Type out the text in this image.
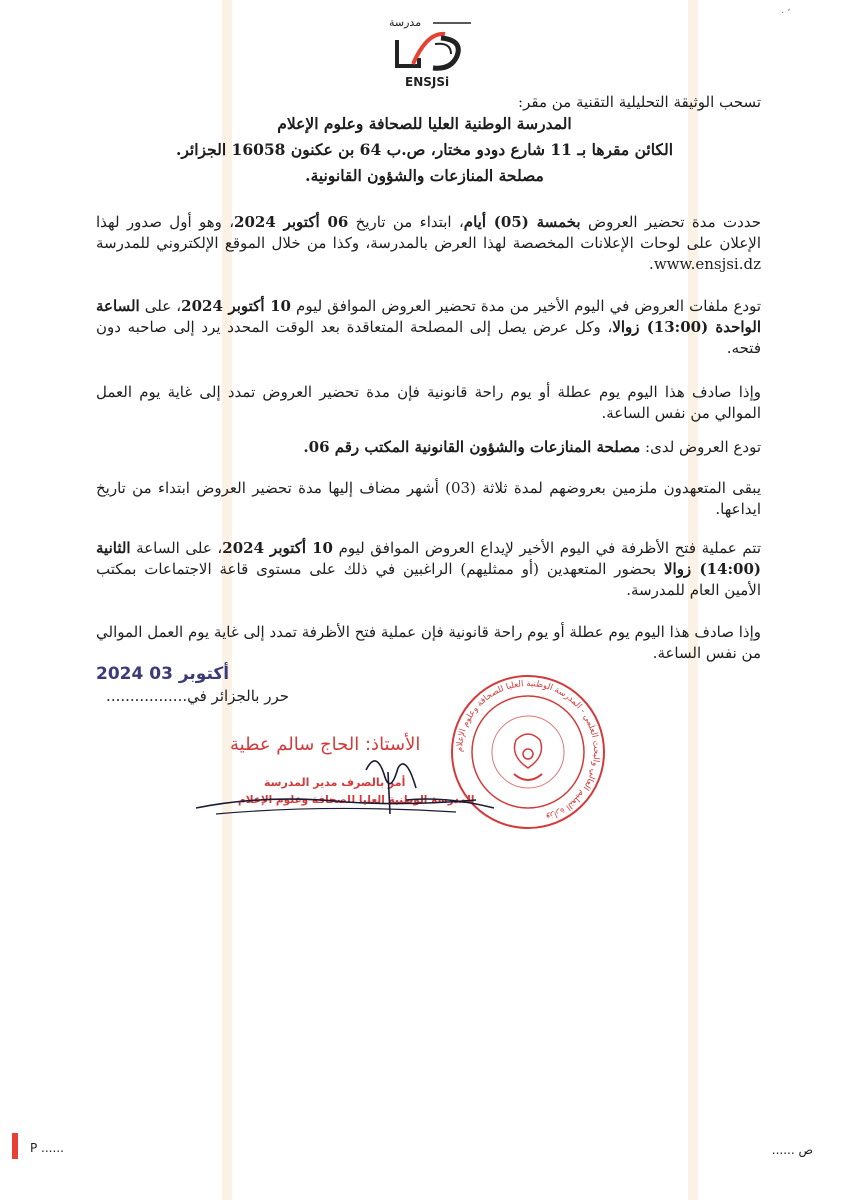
· ʼ
مدرسة
ENSJSi
تسحب الوثيقة التحليلية التقنية من مقر:
المدرسة الوطنية العليا للصحافة وعلوم الإعلام
الكائن مقرها بـ 11 شارع دودو مختار، ص.ب 64 بن عكنون 16058 الجزائر.
مصلحة المنازعات والشؤون القانونية.
حددت مدة تحضير العروض بخمسة (05) أيام، ابتداء من تاريخ 06 أكتوبر 2024، وهو أول صدور لهذا الإعلان على لوحات الإعلانات المخصصة لهذا العرض بالمدرسة، وكذا من خلال الموقع الإلكتروني للمدرسة www.ensjsi.dz.
تودع ملفات العروض في اليوم الأخير من مدة تحضير العروض الموافق ليوم 10 أكتوبر 2024، على الساعة الواحدة (13:00) زوالا، وكل عرض يصل إلى المصلحة المتعاقدة بعد الوقت المحدد يرد إلى صاحبه دون فتحه.
وإذا صادف هذا اليوم يوم عطلة أو يوم راحة قانونية فإن مدة تحضير العروض تمدد إلى غاية يوم العمل الموالي من نفس الساعة.
تودع العروض لدى: مصلحة المنازعات والشؤون القانونية المكتب رقم 06.
يبقى المتعهدون ملزمين بعروضهم لمدة ثلاثة (03) أشهر مضاف إليها مدة تحضير العروض ابتداء من تاريخ ايداعها.
تتم عملية فتح الأظرفة في اليوم الأخير لإيداع العروض الموافق ليوم 10 أكتوبر 2024، على الساعة الثانية (14:00) زوالا بحضور المتعهدين (أو ممثليهم) الراغبين في ذلك على مستوى قاعة الاجتماعات بمكتب الأمين العام للمدرسة.
وإذا صادف هذا اليوم يوم عطلة أو يوم راحة قانونية فإن عملية فتح الأظرفة تمدد إلى غاية يوم العمل الموالي من نفس الساعة.
2024 أكتوبر 03
حرر بالجزائر في.................
وزارة التعليم العالي والبحث العلمي - المدرسة الوطنية العليا للصحافة وعلوم الإعلام
الأستاذ: الحاج سالم عطية
أمر بالصرف مدير المدرسة
المدرسة الوطنية العليا للصحافة وعلوم الإعلام
P ......	ص ......
